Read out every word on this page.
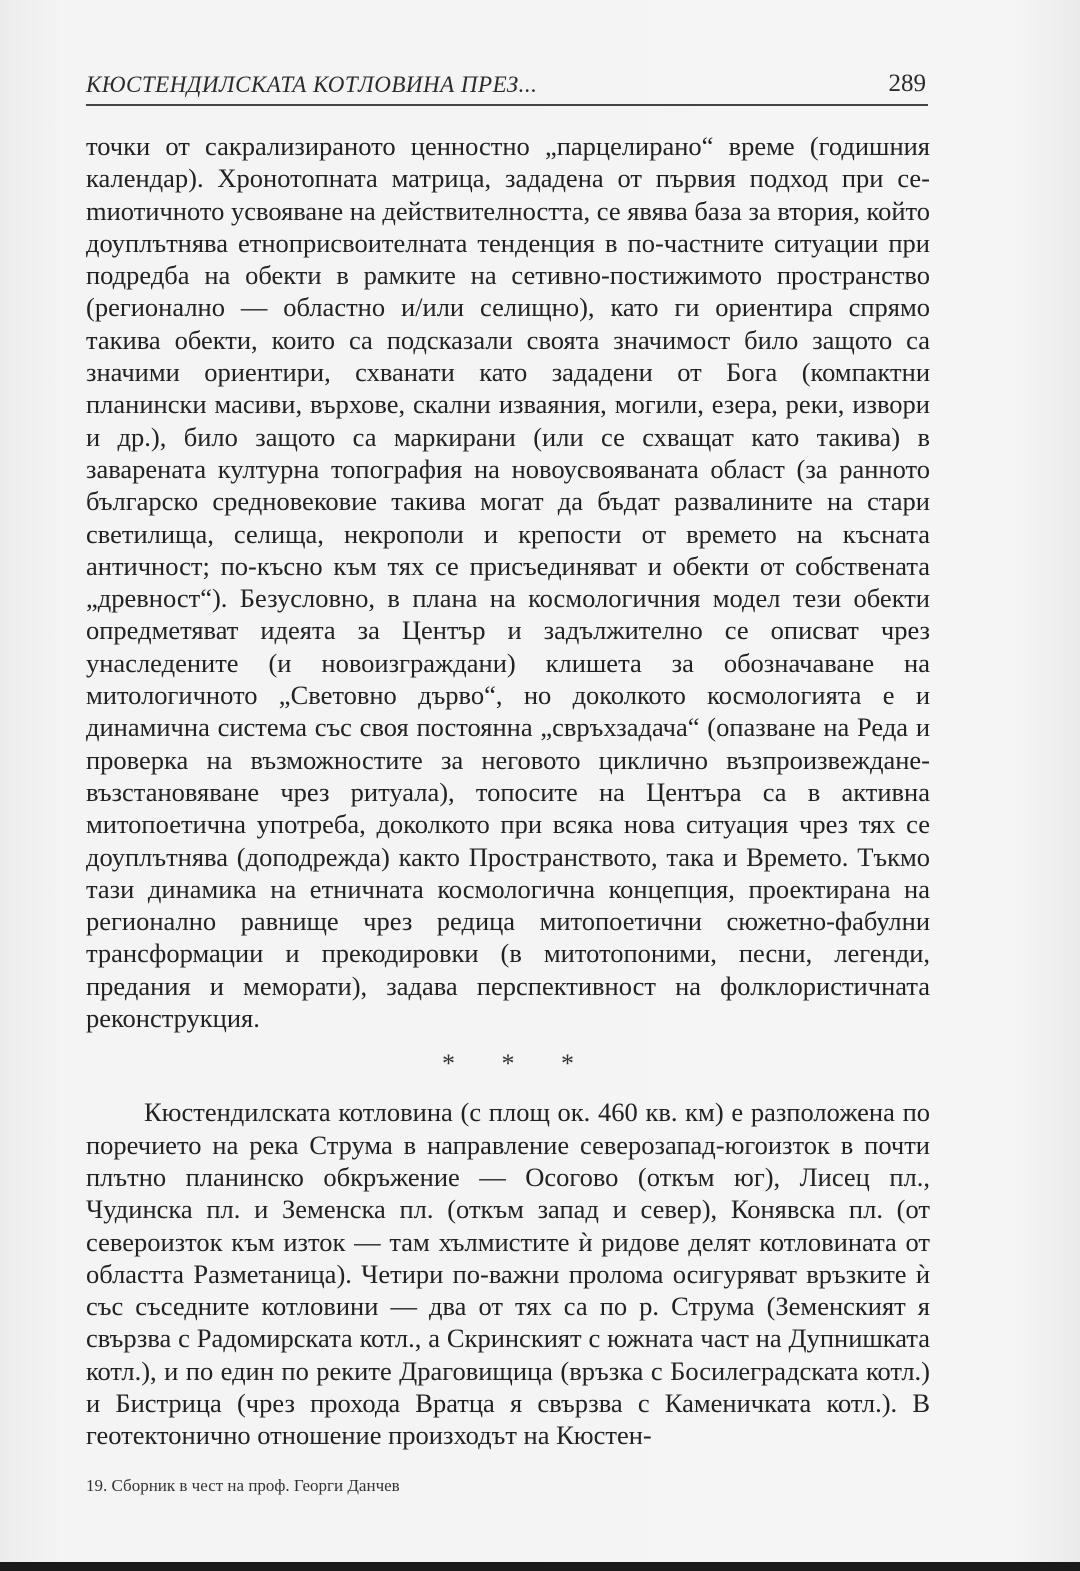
КЮСТЕНДИЛСКАТА КОТЛОВИНА ПРЕЗ...	289

точки от сакрализираното ценностно „парцелирано“ време (годишния календар). Хронотопната матрица, зададена от първия подход при сеmиотичното усвояване на действителността, се явява база за втория, който доуплътнява етноприсвоителната тенденция в по-частните ситуации при подредба на обекти в рамките на сетивно-постижимото пространство (регионално — областно и/или селищно), като ги ориентира спрямо такива обекти, които са подсказали своята значимост било защото са значими ориентири, схванати като зададени от Бога (компактни планински масиви, върхове, скални изваяния, могили, езера, реки, извори и др.), било защото са маркирани (или се схващат като такива) в заварената културна топография на новоусвояваната област (за ранното българско средновековие такива могат да бъдат развалините на стари светилища, селища, некрополи и крепости от времето на късната античност; по-късно към тях се присъединяват и обекти от собствената „древност“). Безусловно, в плана на космологичния модел тези обекти опредметяват идеята за Център и задължително се описват чрез унаследените (и новоизграждани) клишета за обозначаване на митологичното „Световно дърво“, но доколкото космологията е и динамична система със своя постоянна „свръхзадача“ (опазване на Реда и проверка на възможностите за неговото циклично възпроизвеждане-възстановяване чрез ритуала), топосите на Центъра са в активна митопоетична употреба, доколкото при всяка нова ситуация чрез тях се доуплътнява (доподрежда) както Пространството, така и Времето. Тъкмо тази динамика на етничната космологична концепция, проектирана на регионално равнище чрез редица митопоетични сюжетно-фабулни трансформации и прекодировки (в митотопоними, песни, легенди, предания и меморати), задава перспективност на фолклористичната реконструкция.

* * *

Кюстендилската котловина (с площ ок. 460 кв. км) е разположена по поречието на река Струма в направление северозапад-югоизток в почти плътно планинско обкръжение — Осогово (откъм юг), Лисец пл., Чудинска пл. и Земенска пл. (откъм запад и север), Конявска пл. (от североизток към изток — там хълмистите ѝ ридове делят котловината от областта Разметаница). Четири по-важни пролома осигуряват връзките ѝ със съседните котловини — два от тях са по р. Струма (Земенският я свързва с Радомирската котл., а Скринският с южната част на Дупнишката котл.), и по един по реките Драговищица (връзка с Босилеградската котл.) и Бистрица (чрез прохода Вратца я свързва с Каменичката котл.). В геотектонично отношение произходът на Кюстен-

19. Сборник в чест на проф. Георги Данчев
